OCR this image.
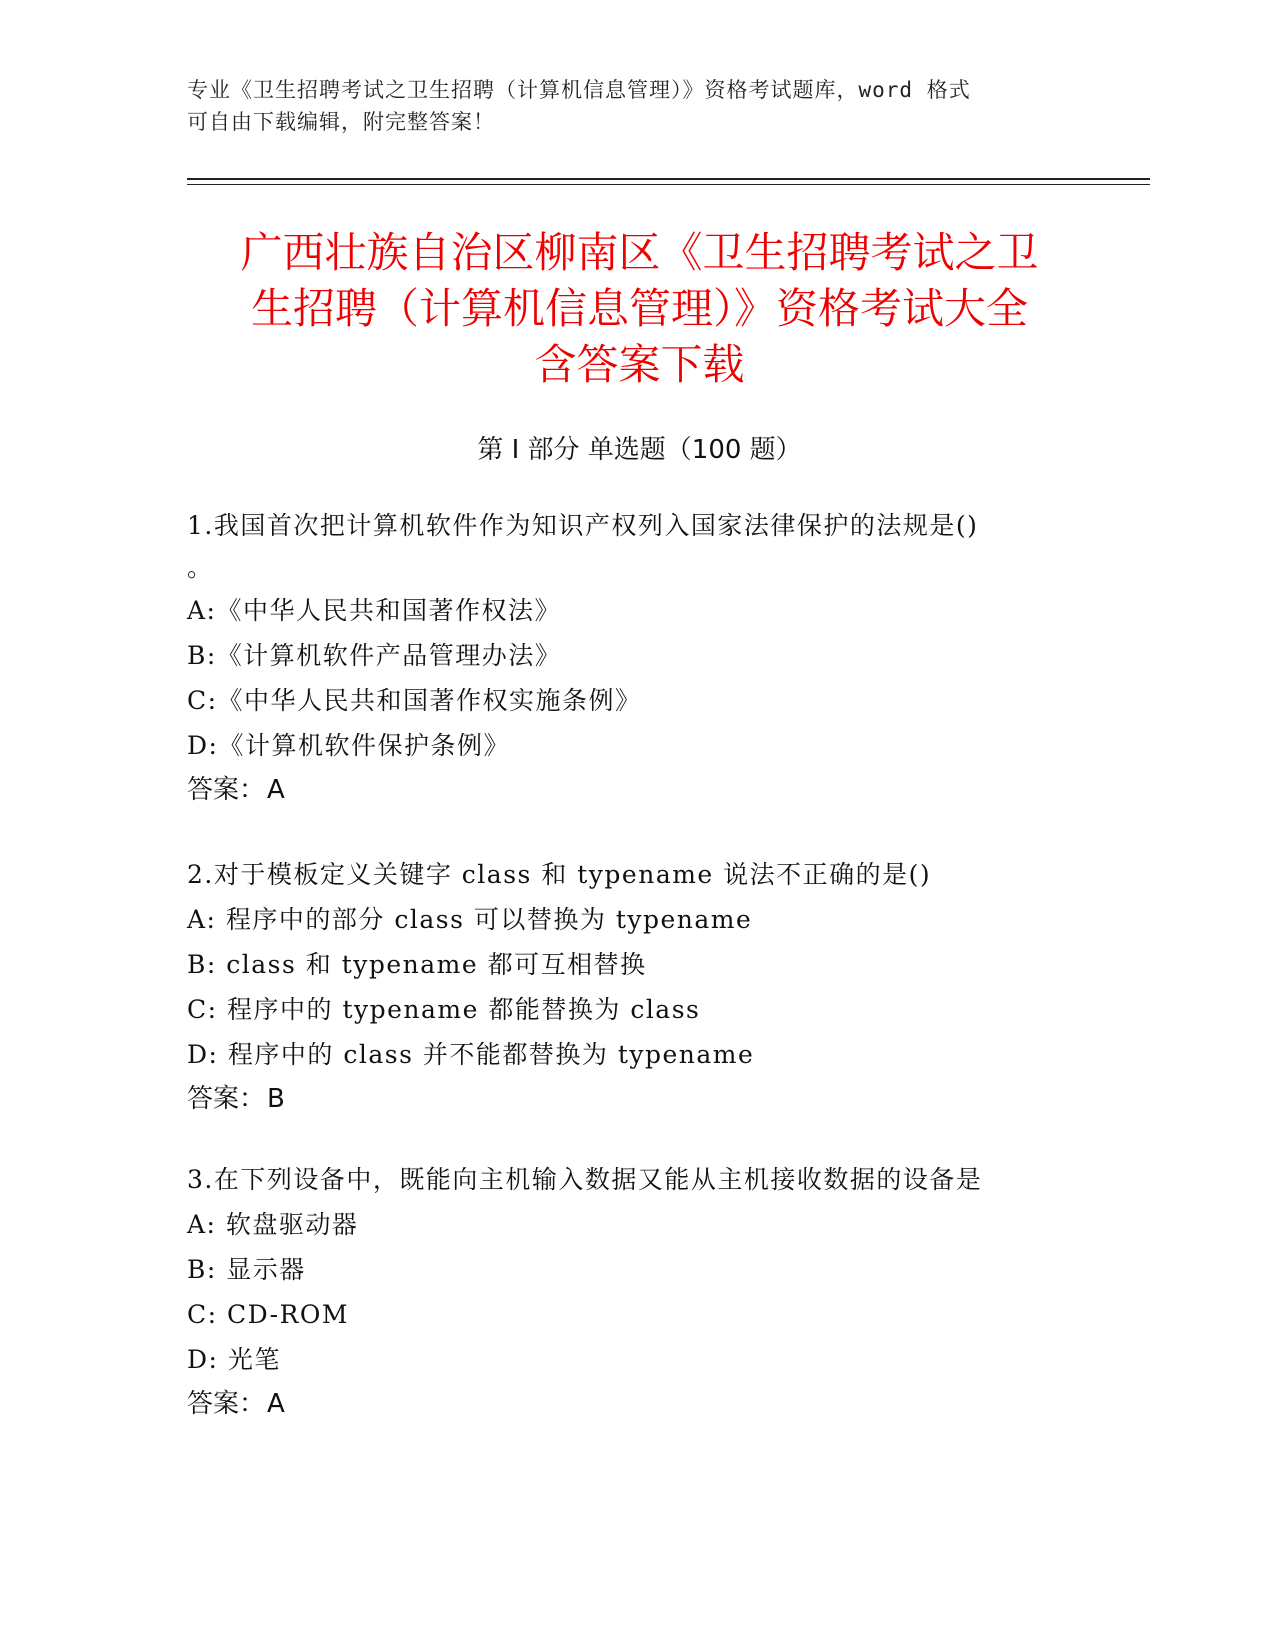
专业《卫生招聘考试之卫生招聘（计算机信息管理）》资格考试题库，word 格式
可自由下载编辑，附完整答案！
广西壮族自治区柳南区《卫生招聘考试之卫
生招聘（计算机信息管理）》资格考试大全
含答案下载
第 I 部分 单选题（100 题）
1.我国首次把计算机软件作为知识产权列入国家法律保护的法规是()
。
A:《中华人民共和国著作权法》
B:《计算机软件产品管理办法》
C:《中华人民共和国著作权实施条例》
D:《计算机软件保护条例》
答案：A
2.对于模板定义关键字 class 和 typename 说法不正确的是()
A: 程序中的部分 class 可以替换为 typename
B: class 和 typename 都可互相替换
C: 程序中的 typename 都能替换为 class
D: 程序中的 class 并不能都替换为 typename
答案：B
3.在下列设备中，既能向主机输入数据又能从主机接收数据的设备是
A: 软盘驱动器
B: 显示器
C: CD-ROM
D: 光笔
答案：A
